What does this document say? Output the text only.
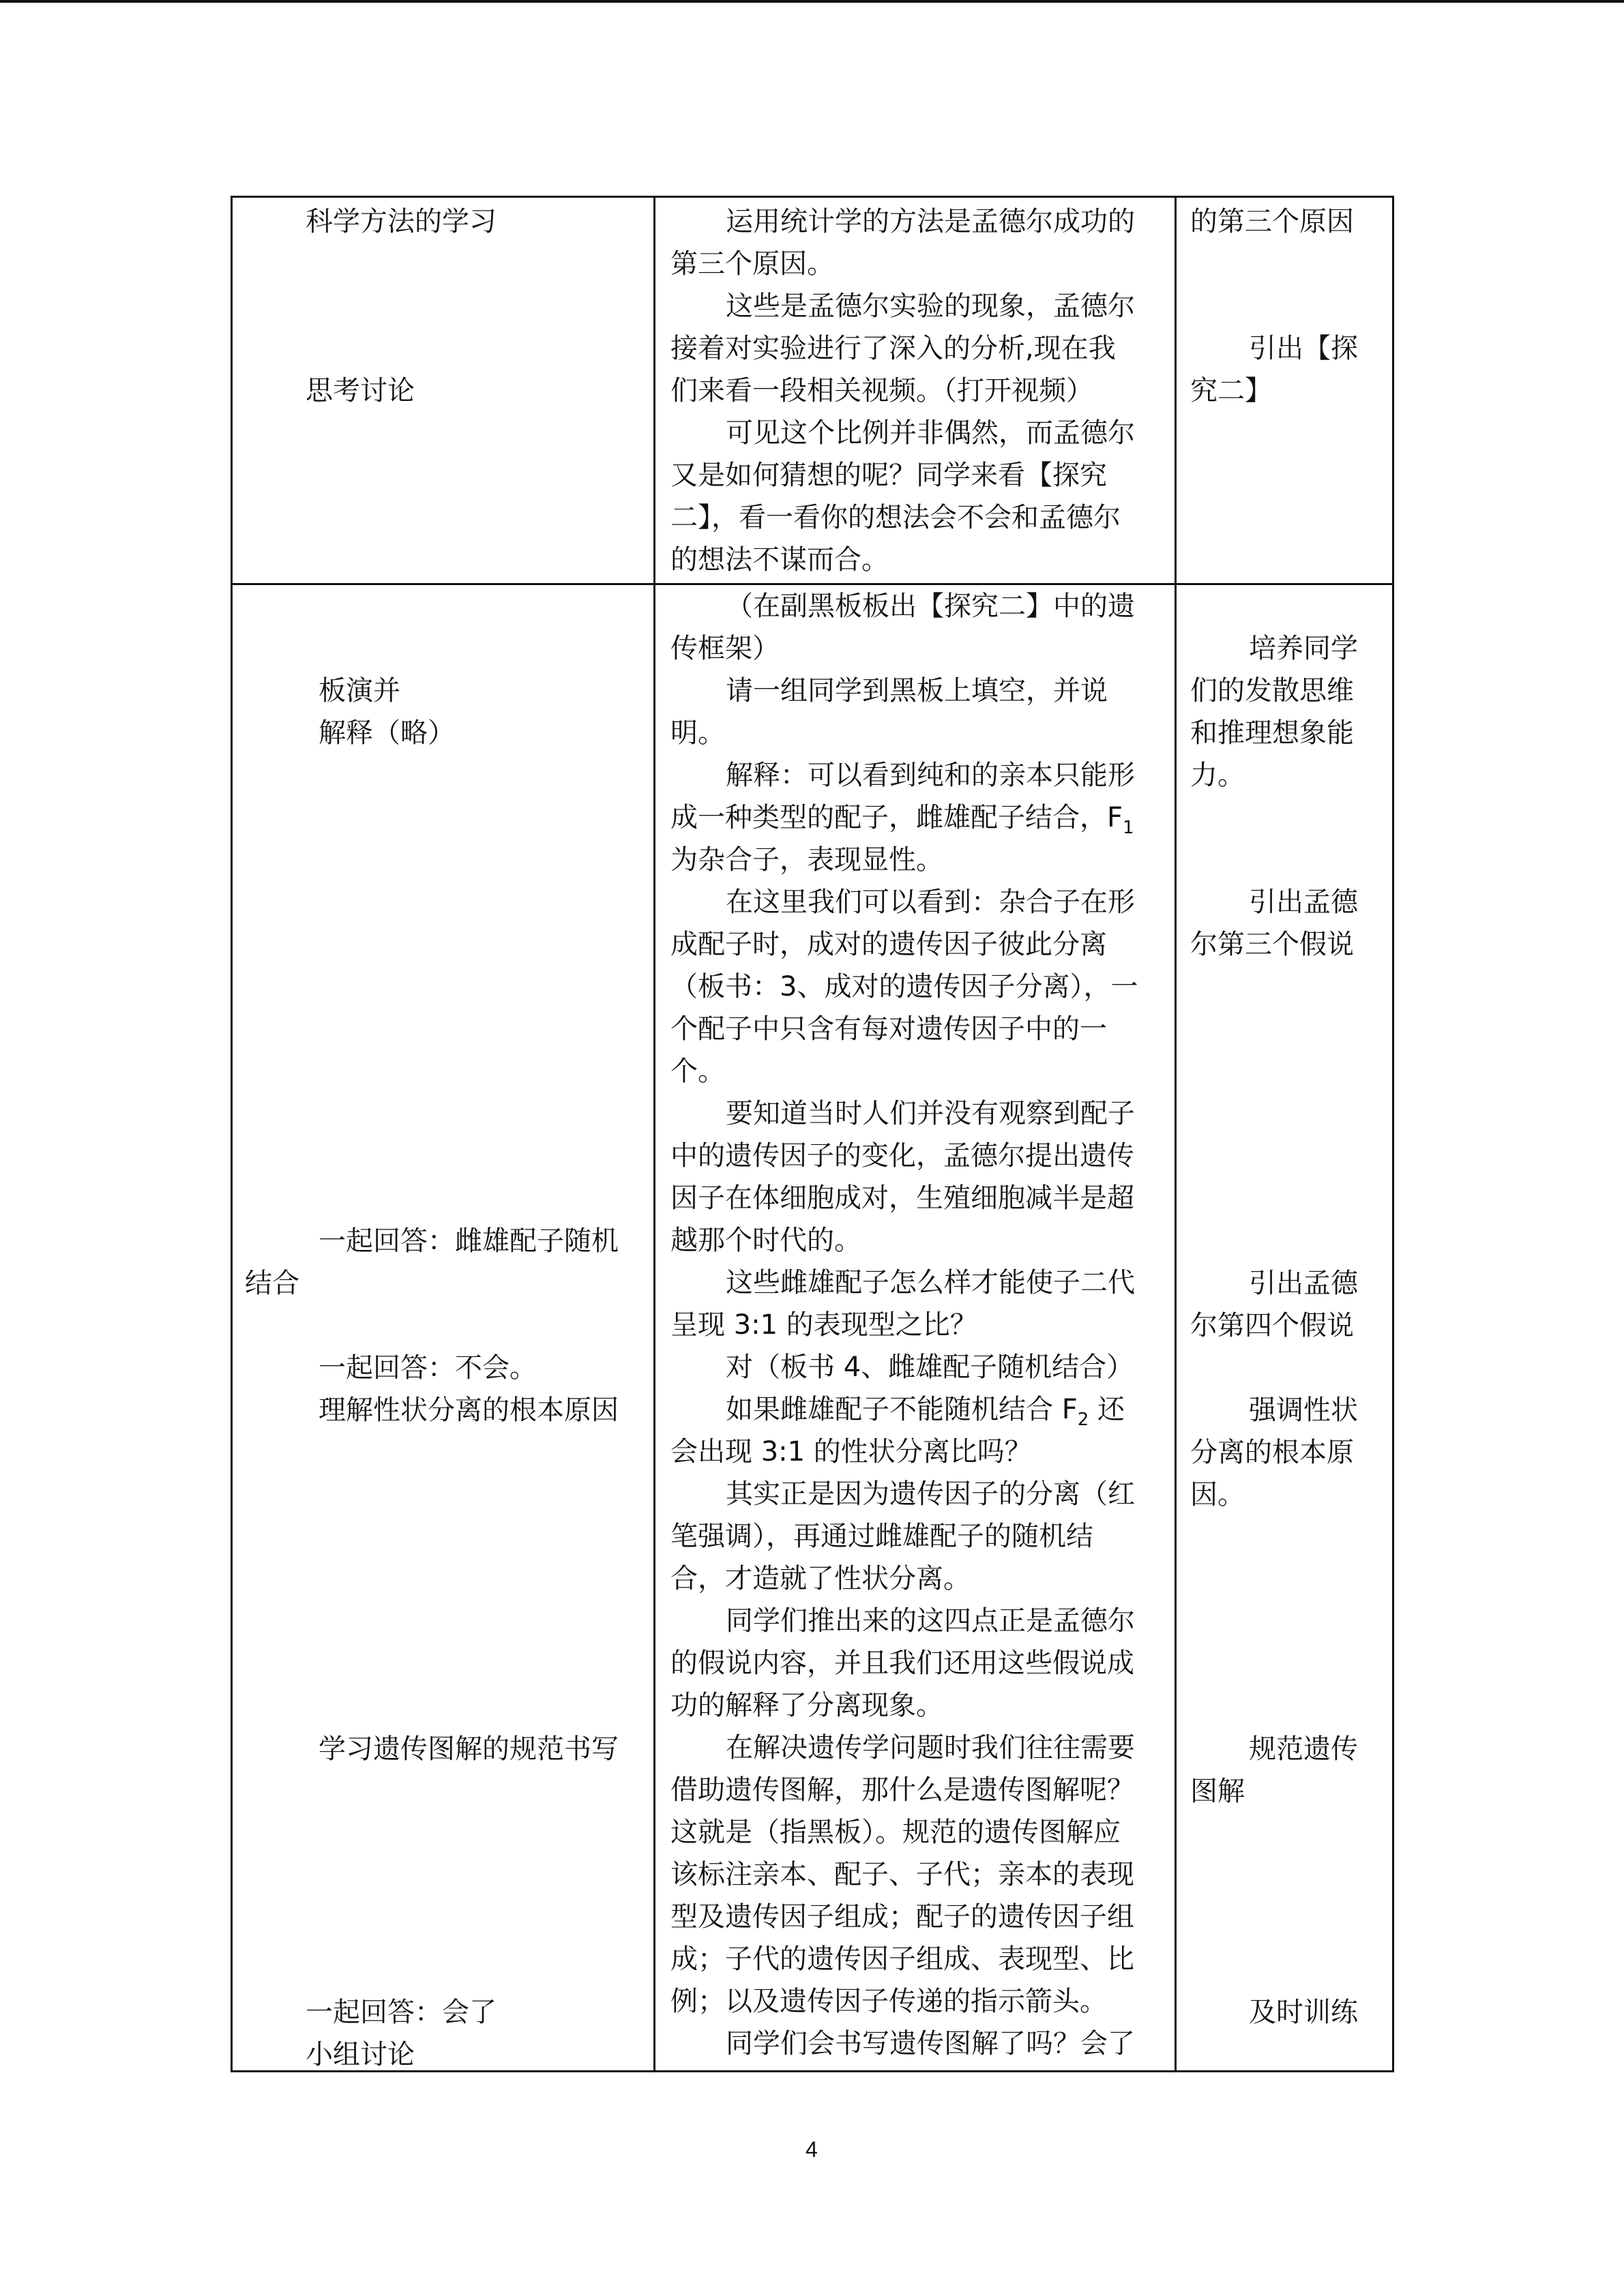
科学方法的学习
思考讨论
运用统计学的方法是孟德尔成功的
第三个原因。
这些是孟德尔实验的现象，孟德尔
接着对实验进行了深入的分析,现在我
们来看一段相关视频。（打开视频）
可见这个比例并非偶然，而孟德尔
又是如何猜想的呢？同学来看【探究
二】，看一看你的想法会不会和孟德尔
的想法不谋而合。
的第三个原因
引出【探
究二】
板演并
解释（略）
一起回答：雌雄配子随机
结合
一起回答：不会。
理解性状分离的根本原因
学习遗传图解的规范书写
一起回答：会了
小组讨论
（在副黑板板出【探究二】中的遗
传框架）
请一组同学到黑板上填空，并说
明。
解释：可以看到纯和的亲本只能形
成一种类型的配子，雌雄配子结合，$F_1$
为杂合子，表现显性。
在这里我们可以看到：杂合子在形
成配子时，成对的遗传因子彼此分离
（板书：3、成对的遗传因子分离），一
个配子中只含有每对遗传因子中的一
个。
要知道当时人们并没有观察到配子
中的遗传因子的变化，孟德尔提出遗传
因子在体细胞成对，生殖细胞减半是超
越那个时代的。
这些雌雄配子怎么样才能使子二代
呈现 3:1 的表现型之比？
对（板书 4、雌雄配子随机结合）
如果雌雄配子不能随机结合 $F_2$ 还
会出现 3:1 的性状分离比吗？
其实正是因为遗传因子的分离（红
笔强调），再通过雌雄配子的随机结
合，才造就了性状分离。
同学们推出来的这四点正是孟德尔
的假说内容，并且我们还用这些假说成
功的解释了分离现象。
在解决遗传学问题时我们往往需要
借助遗传图解，那什么是遗传图解呢？
这就是（指黑板）。规范的遗传图解应
该标注亲本、配子、子代；亲本的表现
型及遗传因子组成；配子的遗传因子组
成；子代的遗传因子组成、表现型、比
例；以及遗传因子传递的指示箭头。
同学们会书写遗传图解了吗？会了
培养同学
们的发散思维
和推理想象能
力。
引出孟德
尔第三个假说
引出孟德
尔第四个假说
强调性状
分离的根本原
因。
规范遗传
图解
及时训练
4
